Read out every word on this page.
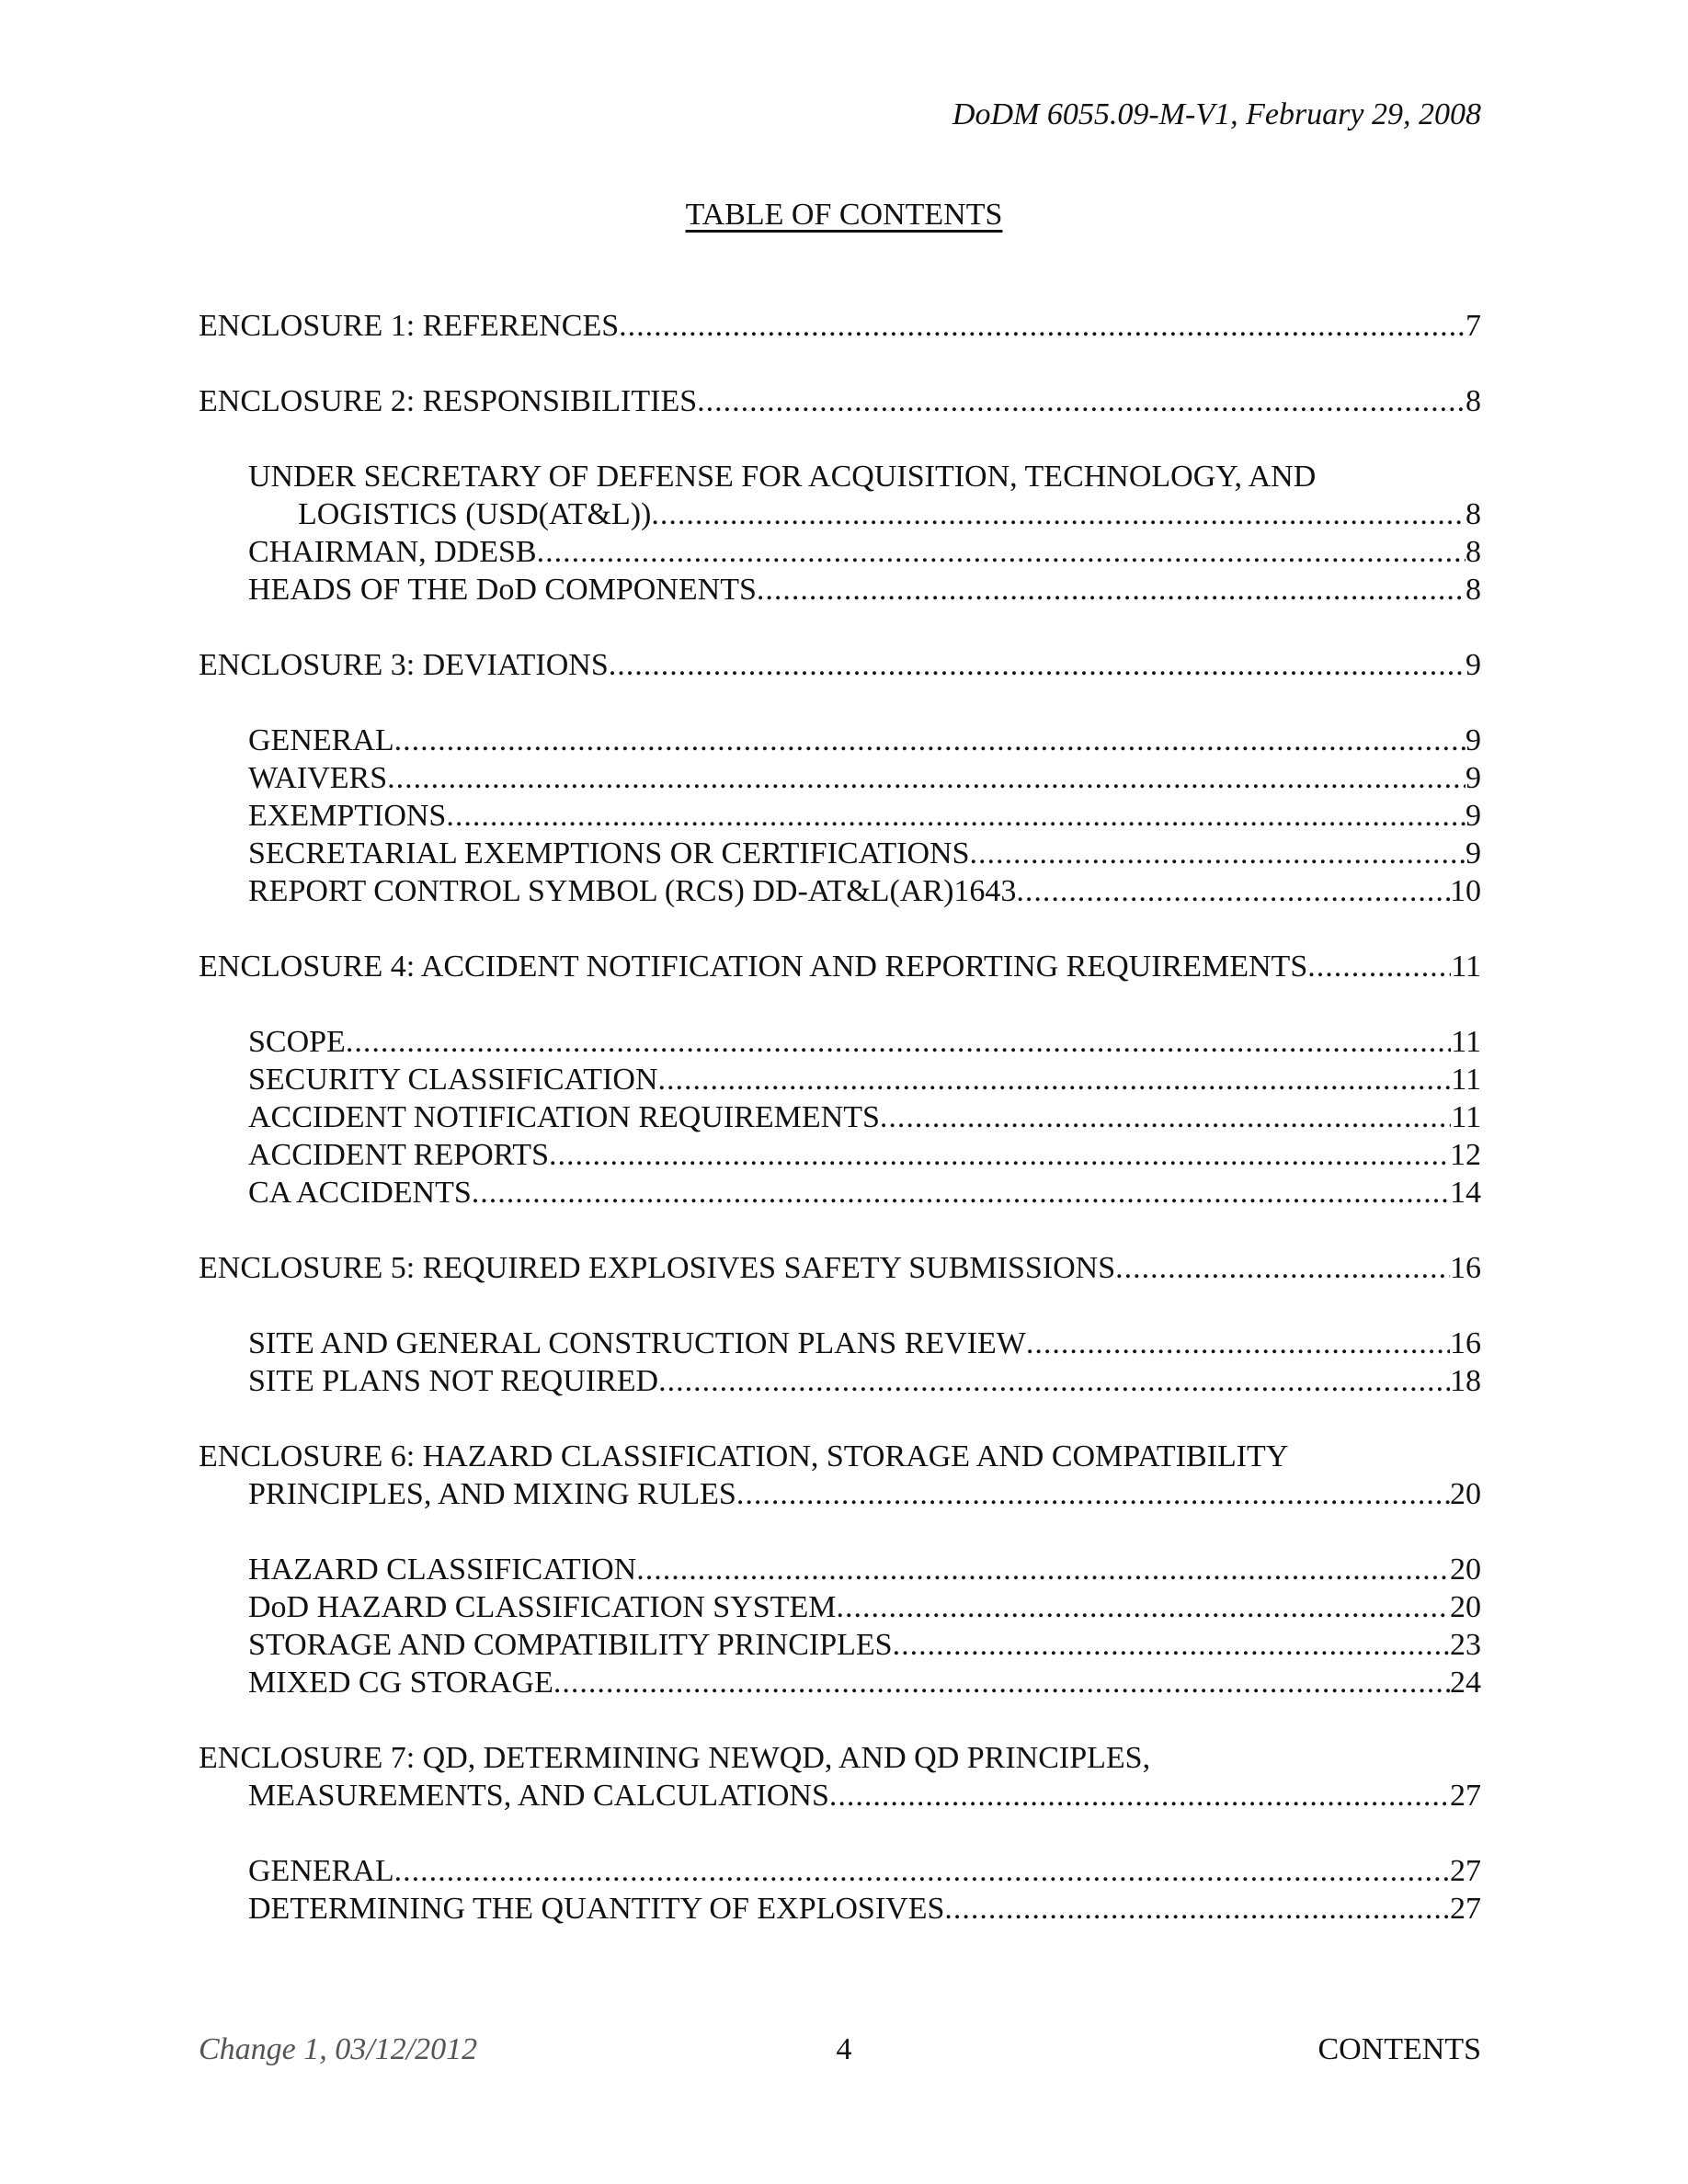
DoDM 6055.09-M-V1, February 29, 2008
TABLE OF CONTENTS
ENCLOSURE 1: REFERENCES .....	7
ENCLOSURE 2: RESPONSIBILITIES .....	8
UNDER SECRETARY OF DEFENSE FOR ACQUISITION, TECHNOLOGY, AND
LOGISTICS (USD(AT&L)) .....	8
CHAIRMAN, DDESB .....	8
HEADS OF THE DoD COMPONENTS .....	8
ENCLOSURE 3: DEVIATIONS .....	9
GENERAL .....	9
WAIVERS .....	9
EXEMPTIONS .....	9
SECRETARIAL EXEMPTIONS OR CERTIFICATIONS .....	9
REPORT CONTROL SYMBOL (RCS) DD-AT&L(AR)1643 .....	10
ENCLOSURE 4: ACCIDENT NOTIFICATION AND REPORTING REQUIREMENTS .....	11
SCOPE .....	11
SECURITY CLASSIFICATION .....	11
ACCIDENT NOTIFICATION REQUIREMENTS .....	11
ACCIDENT REPORTS .....	12
CA ACCIDENTS .....	14
ENCLOSURE 5: REQUIRED EXPLOSIVES SAFETY SUBMISSIONS .....	16
SITE AND GENERAL CONSTRUCTION PLANS REVIEW .....	16
SITE PLANS NOT REQUIRED .....	18
ENCLOSURE 6: HAZARD CLASSIFICATION, STORAGE AND COMPATIBILITY
PRINCIPLES, AND MIXING RULES .....	20
HAZARD CLASSIFICATION .....	20
DoD HAZARD CLASSIFICATION SYSTEM .....	20
STORAGE AND COMPATIBILITY PRINCIPLES .....	23
MIXED CG STORAGE .....	24
ENCLOSURE 7: QD, DETERMINING NEWQD, AND QD PRINCIPLES,
MEASUREMENTS, AND CALCULATIONS .....	27
GENERAL .....	27
DETERMINING THE QUANTITY OF EXPLOSIVES .....	27
Change 1, 03/12/2012	4	CONTENTS
